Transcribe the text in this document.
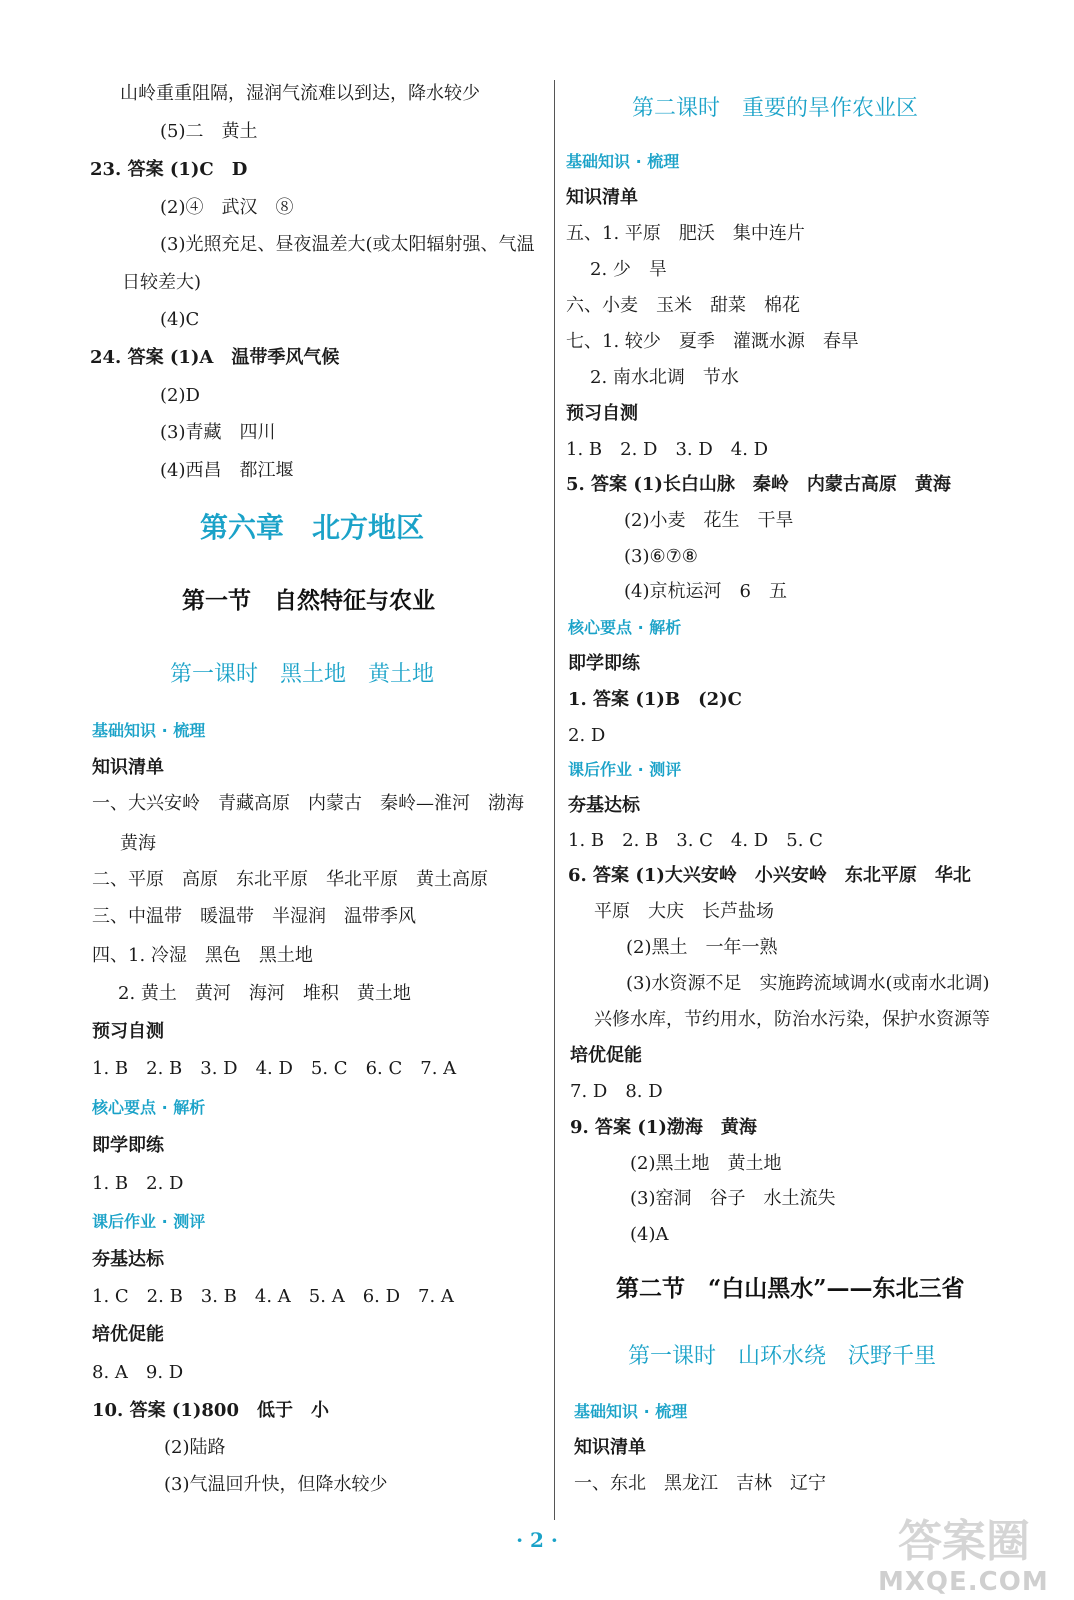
山岭重重阻隔，湿润气流难以到达，降水较少
(5)二　黄土
23. 答案 (1)C　D
(2)④　武汉　⑧
(3)光照充足、昼夜温差大(或太阳辐射强、气温
日较差大)
(4)C
24. 答案 (1)A　温带季风气候
(2)D
(3)青藏　四川
(4)西昌　都江堰
第六章　北方地区
第一节　自然特征与农业
第一课时　黑土地　黄土地
基础知识 · 梳理
知识清单
一、大兴安岭　青藏高原　内蒙古　秦岭—淮河　渤海
黄海
二、平原　高原　东北平原　华北平原　黄土高原
三、中温带　暖温带　半湿润　温带季风
四、1. 冷湿　黑色　黑土地
2. 黄土　黄河　海河　堆积　黄土地
预习自测
1. B　2. B　3. D　4. D　5. C　6. C　7. A
核心要点 · 解析
即学即练
1. B　2. D
课后作业 · 测评
夯基达标
1. C　2. B　3. B　4. A　5. A　6. D　7. A
培优促能
8. A　9. D
10. 答案 (1)800　低于　小
(2)陆路
(3)气温回升快，但降水较少
第二课时　重要的旱作农业区
基础知识 · 梳理
知识清单
五、1. 平原　肥沃　集中连片
2. 少　旱
六、小麦　玉米　甜菜　棉花
七、1. 较少　夏季　灌溉水源　春旱
2. 南水北调　节水
预习自测
1. B　2. D　3. D　4. D
5. 答案 (1)长白山脉　秦岭　内蒙古高原　黄海
(2)小麦　花生　干旱
(3)⑥⑦⑧
(4)京杭运河　6　五
核心要点 · 解析
即学即练
1. 答案 (1)B　(2)C
2. D
课后作业 · 测评
夯基达标
1. B　2. B　3. C　4. D　5. C
6. 答案 (1)大兴安岭　小兴安岭　东北平原　华北
平原　大庆　长芦盐场
(2)黑土　一年一熟
(3)水资源不足　实施跨流域调水(或南水北调)
兴修水库，节约用水，防治水污染，保护水资源等
培优促能
7. D　8. D
9. 答案 (1)渤海　黄海
(2)黑土地　黄土地
(3)窑洞　谷子　水土流失
(4)A
第二节　“白山黑水”——东北三省
第一课时　山环水绕　沃野千里
基础知识 · 梳理
知识清单
一、东北　黑龙江　吉林　辽宁
· 2 ·	答案圈
MXQE.COM
